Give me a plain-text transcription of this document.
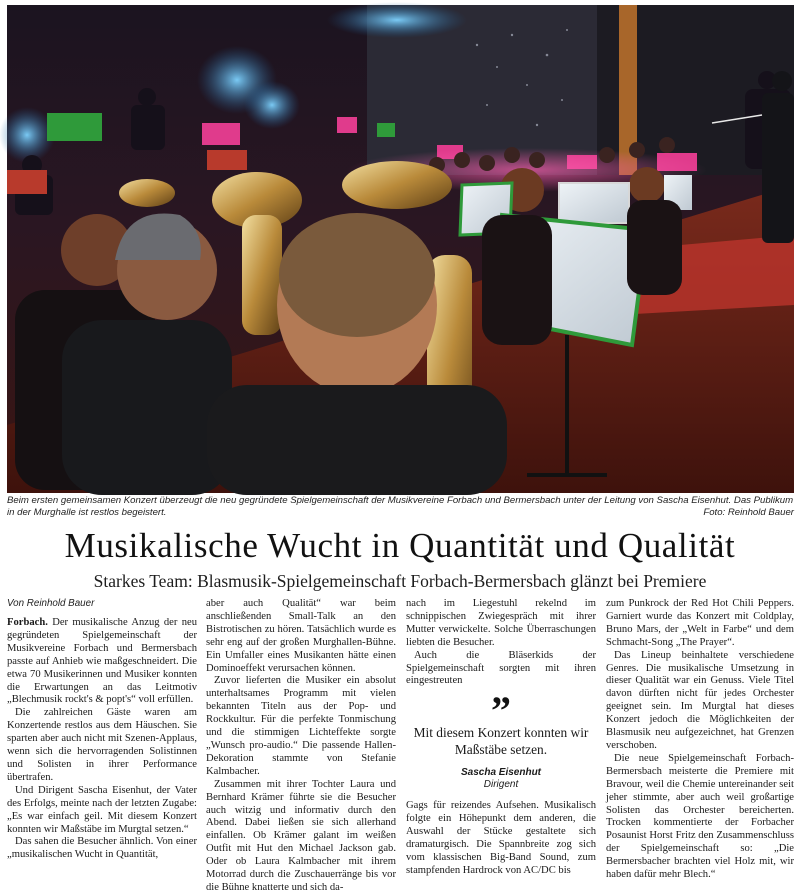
Beim ersten gemeinsamen Konzert überzeugt die neu gegründete Spielgemeinschaft der Musikvereine Forbach und Bermersbach unter der Leitung von Sascha Eisenhut. Das Publikum in der Murghalle ist restlos begeistert.	Foto: Reinhold Bauer
Musikalische Wucht in Quantität und Qualität
Starkes Team: Blasmusik-Spielgemeinschaft Forbach-Bermersbach glänzt bei Premiere
Von Reinhold Bauer

Forbach. Der musikalische Anzug der neu gegründeten Spielgemeinschaft der Musikvereine Forbach und Bermersbach passte auf Anhieb wie maßgeschneidert. Die etwa 70 Musikerinnen und Musiker konnten die Erwartungen an das Leitmotiv „Blechmusik rockt's & popt's“ voll erfüllen.

Die zahlreichen Gäste waren am Konzertende restlos aus dem Häuschen. Sie sparten aber auch nicht mit Szenen-Applaus, wenn sich die hervorragenden Solistinnen und Solisten in ihrer Performance übertrafen.

Und Dirigent Sascha Eisenhut, der Vater des Erfolgs, meinte nach der letzten Zugabe: „Es war einfach geil. Mit diesem Konzert konnten wir Maßstäbe im Murgtal setzen.“

Das sahen die Besucher ähnlich. Von einer „musikalischen Wucht in Quantität,

aber auch Qualität“ war beim anschließenden Small-Talk an den Bistrotischen zu hören. Tatsächlich wurde es sehr eng auf der großen Murghallen-Bühne. Ein Umfaller eines Musikanten hätte einen Dominoeffekt verursachen können.

Zuvor lieferten die Musiker ein absolut unterhaltsames Programm mit vielen bekannten Titeln aus der Pop- und Rockkultur. Für die perfekte Tonmischung und die stimmigen Lichteffekte sorgte „Wunsch pro-audio.“ Die passende Hallen-Dekoration stammte von Stefanie Kalmbacher.

Zusammen mit ihrer Tochter Laura und Bernhard Krämer führte sie die Besucher auch witzig und informativ durch den Abend. Dabei ließen sie sich allerhand einfallen. Ob Krämer galant im weißen Outfit mit Hut den Michael Jackson gab. Oder ob Laura Kalmbacher mit ihrem Motorrad durch die Zuschauerränge bis vor die Bühne knatterte und sich da-

nach im Liegestuhl rekelnd im schnippischen Zwiegespräch mit ihrer Mutter verwickelte. Solche Überraschungen liebten die Besucher.

Auch die Bläserkids der Spielgemeinschaft sorgten mit ihren eingestreuten

”
Mit diesem Konzert konnten wir Maßstäbe setzen.
Sascha Eisenhut
Dirigent

Gags für reizendes Aufsehen. Musikalisch folgte ein Höhepunkt dem anderen, die Auswahl der Stücke gestaltete sich dramaturgisch. Die Spannbreite zog sich vom klassischen Big-Band Sound, zum stampfenden Hardrock von AC/DC bis

zum Punkrock der Red Hot Chili Peppers. Garniert wurde das Konzert mit Coldplay, Bruno Mars, der „Welt in Farbe“ und dem Schmacht-Song „The Prayer“.

Das Lineup beinhaltete verschiedene Genres. Die musikalische Umsetzung in dieser Qualität war ein Genuss. Viele Titel davon dürften nicht für jedes Orchester geeignet sein. Im Murgtal hat dieses Konzert jedoch die Möglichkeiten der Blasmusik neu aufgezeichnet, hat Grenzen verschoben.

Die neue Spielgemeinschaft Forbach-Bermersbach meisterte die Premiere mit Bravour, weil die Chemie untereinander seit jeher stimmte, aber auch weil großartige Solisten das Orchester bereicherten. Trocken kommentierte der Forbacher Posaunist Horst Fritz den Zusammenschluss der Spielgemeinschaft so: „Die Bermersbacher brachten viel Holz mit, wir haben dafür mehr Blech.“
